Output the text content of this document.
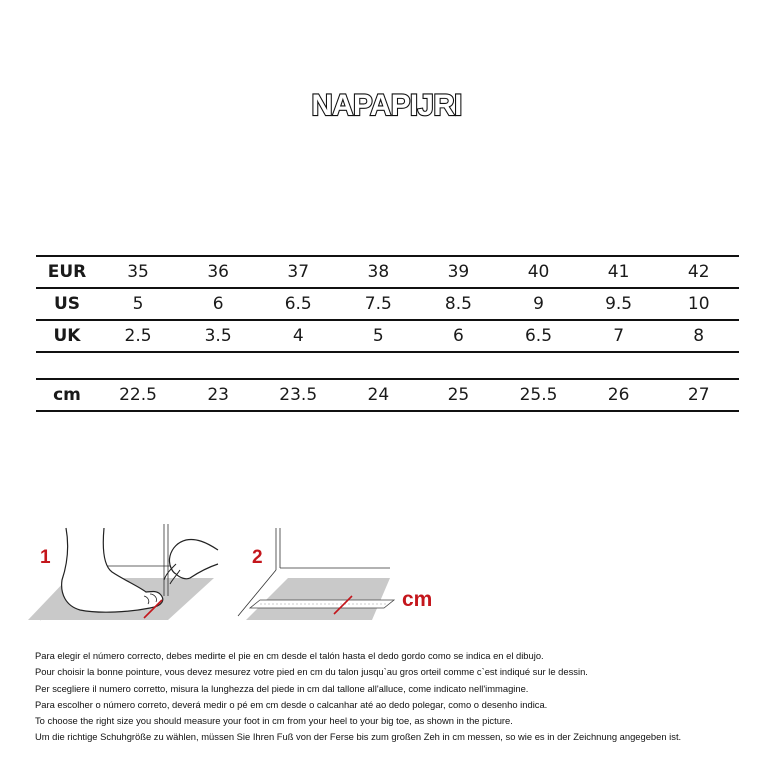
NAPAPIJRI
EUR	35	36	37	38	39	40	41	42
US	5	6	6.5	7.5	8.5	9	9.5	10
UK	2.5	3.5	4	5	6	6.5	7	8
cm	22.5	23	23.5	24	25	25.5	26	27
1	2
cm
Para elegir el número correcto, debes medirte el pie en cm desde el talón hasta el dedo gordo como se indica en el dibujo.
Pour choisir la bonne pointure, vous devez mesurez votre pied en cm du talon jusqu`au gros orteil comme c`est indiqué sur le dessin.
Per scegliere il numero corretto, misura la lunghezza del piede in cm dal tallone all'alluce, come indicato nell'immagine.
Para escolher o número correto, deverá medir o pé em cm desde o calcanhar até ao dedo polegar, como o desenho indica.
To choose the right size you should measure your foot in cm from your heel to your big toe, as shown in the picture.
Um die richtige Schuhgröße zu wählen, müssen Sie Ihren Fuß von der Ferse bis zum großen Zeh in cm messen, so wie es in der Zeichnung angegeben ist.
